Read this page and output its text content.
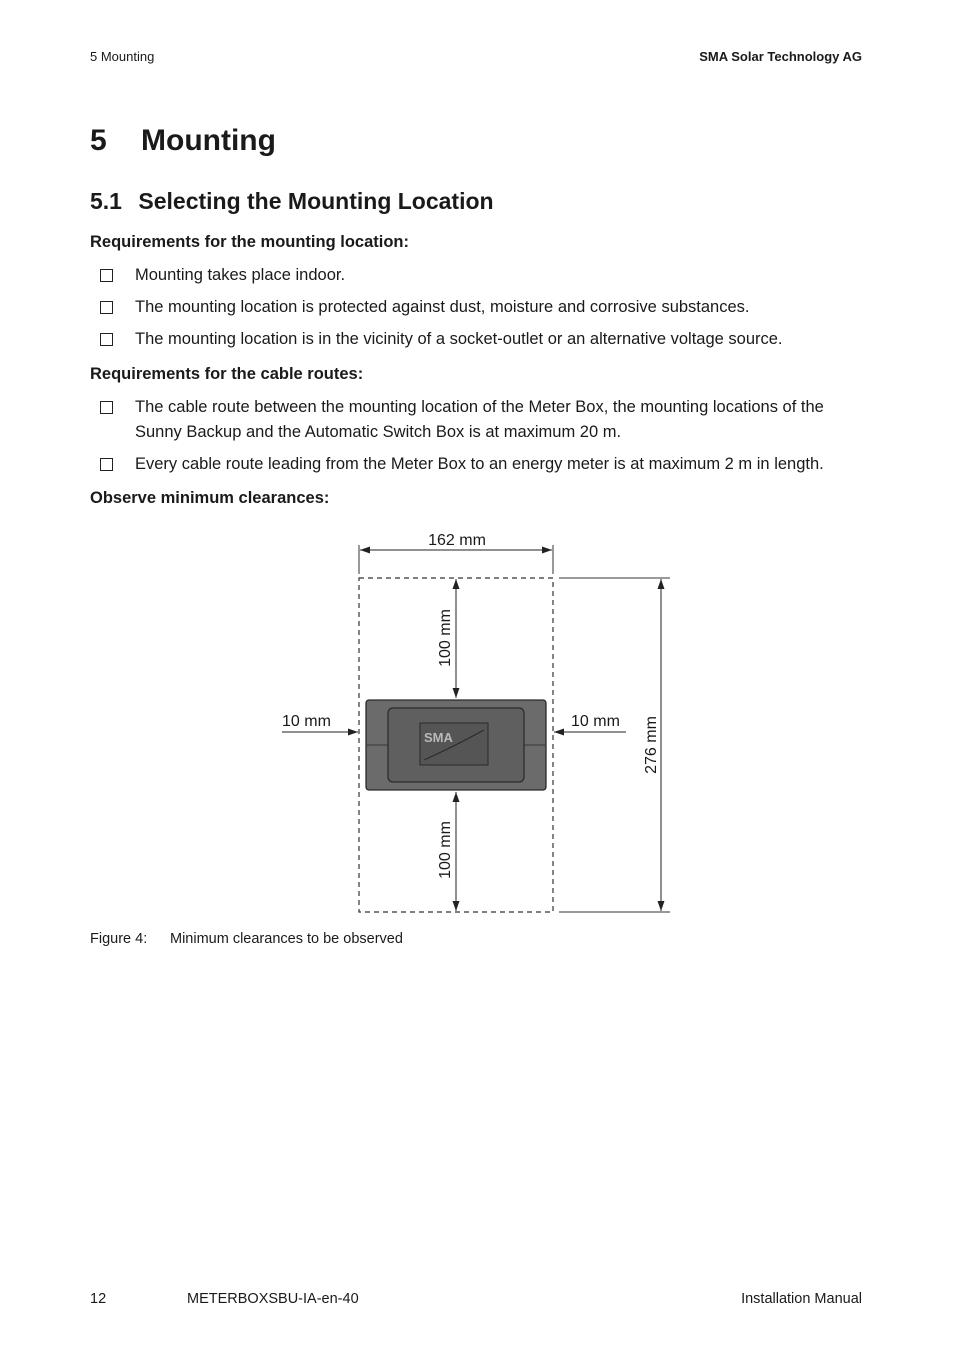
5 Mounting	SMA Solar Technology AG
5	Mounting
5.1 Selecting the Mounting Location
Requirements for the mounting location:
Mounting takes place indoor.
The mounting location is protected against dust, moisture and corrosive substances.
The mounting location is in the vicinity of a socket-outlet or an alternative voltage source.
Requirements for the cable routes:
The cable route between the mounting location of the Meter Box, the mounting locations of the Sunny Backup and the Automatic Switch Box is at maximum 20 m.
Every cable route leading from the Meter Box to an energy meter is at maximum 2 m in length.
Observe minimum clearances:
162 mm
276 mm
100 mm
100 mm
10 mm	10 mm
SMA
Figure 4:	Minimum clearances to be observed
12	METERBOXSBU-IA-en-40	Installation Manual
